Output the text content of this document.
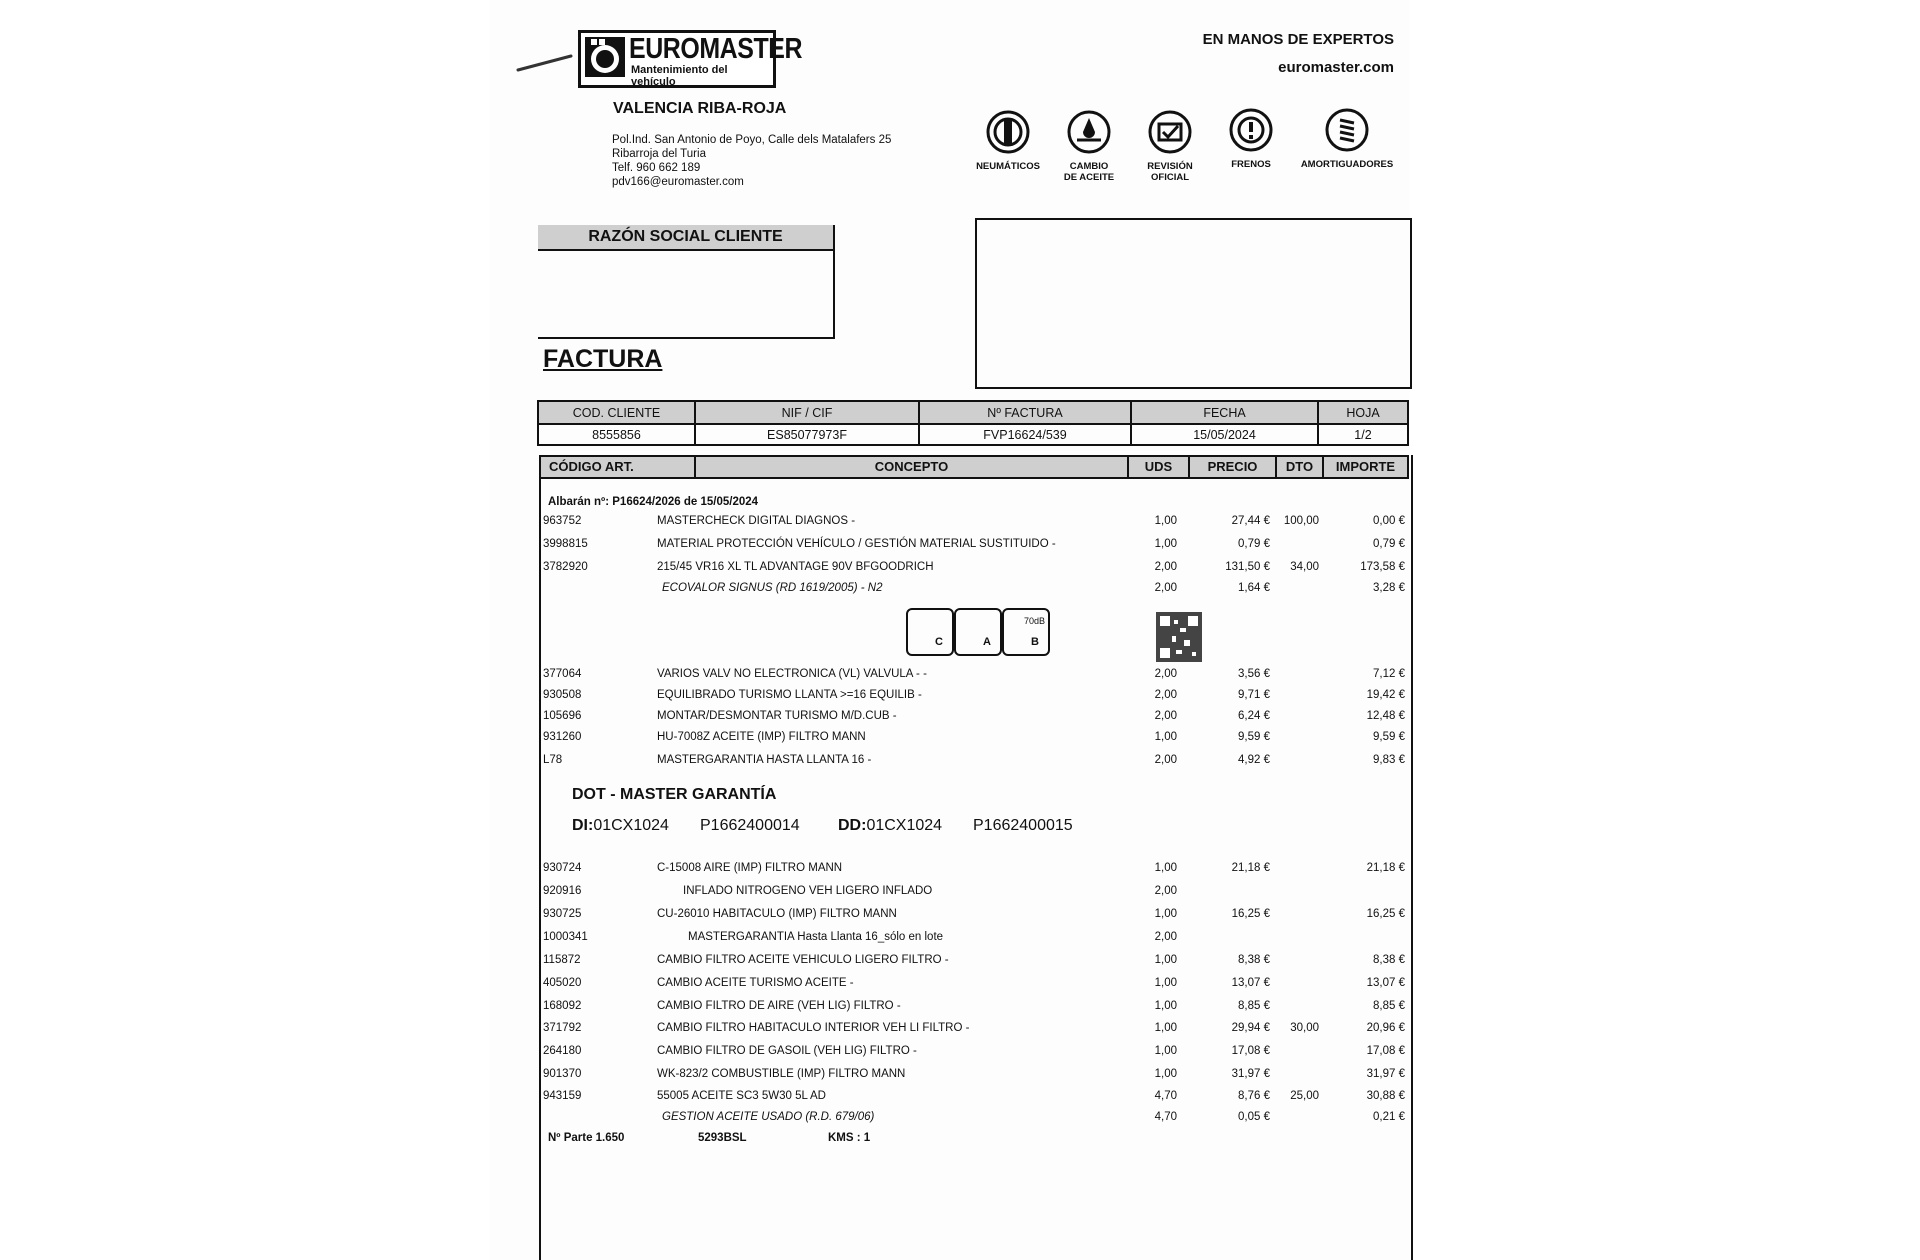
EUROMASTER
Mantenimiento del vehículo
EN MANOS DE EXPERTOS
euromaster.com
VALENCIA RIBA-ROJA
Pol.Ind. San Antonio de Poyo, Calle dels Matalafers 25
Ribarroja del Turia
Telf. 960 662 189
pdv166@euromaster.com
NEUMÁTICOS	CAMBIO
DE ACEITE
REVISIÓN
OFICIAL
FRENOS	AMORTIGUADORES
RAZÓN SOCIAL CLIENTE
FACTURA
COD. CLIENTE	NIF / CIF	Nº FACTURA	FECHA	HOJA
8555856	ES85077973F	FVP16624/539	15/05/2024	1/2
CÓDIGO ART.	CONCEPTO	UDS	PRECIO	DTO	IMPORTE
Albarán nº: P16624/2026 de 15/05/2024
963752	MASTERCHECK DIGITAL DIAGNOS -	1,00	27,44 €	100,00	0,00 €
3998815	MATERIAL PROTECCIÓN VEHÍCULO / GESTIÓN MATERIAL SUSTITUIDO -	1,00	0,79 €	0,79 €
3782920	215/45 VR16 XL TL ADVANTAGE 90V BFGOODRICH	2,00	131,50 €	34,00	173,58 €
ECOVALOR SIGNUS (RD 1619/2005) - N2	2,00	1,64 €	3,28 €
C	A
70dB
B
377064	VARIOS VALV NO ELECTRONICA (VL) VALVULA - -	2,00	3,56 €	7,12 €
930508	EQUILIBRADO TURISMO LLANTA >=16 EQUILIB -	2,00	9,71 €	19,42 €
105696	MONTAR/DESMONTAR TURISMO M/D.CUB -	2,00	6,24 €	12,48 €
931260	HU-7008Z ACEITE (IMP) FILTRO MANN	1,00	9,59 €	9,59 €
L78	MASTERGARANTIA HASTA LLANTA 16 -	2,00	4,92 €	9,83 €
DOT - MASTER GARANTÍA
DI:01CX1024 P1662400014 DD:01CX1024 P1662400015
930724	C-15008 AIRE (IMP) FILTRO MANN	1,00	21,18 €	21,18 €
920916	INFLADO NITROGENO VEH LIGERO INFLADO	2,00
930725	CU-26010 HABITACULO (IMP) FILTRO MANN	1,00	16,25 €	16,25 €
1000341	MASTERGARANTIA Hasta Llanta 16_sólo en lote	2,00
115872	CAMBIO FILTRO ACEITE VEHICULO LIGERO FILTRO -	1,00	8,38 €	8,38 €
405020	CAMBIO ACEITE TURISMO ACEITE -	1,00	13,07 €	13,07 €
168092	CAMBIO FILTRO DE AIRE (VEH LIG) FILTRO -	1,00	8,85 €	8,85 €
371792	CAMBIO FILTRO HABITACULO INTERIOR VEH LI FILTRO -	1,00	29,94 €	30,00	20,96 €
264180	CAMBIO FILTRO DE GASOIL (VEH LIG) FILTRO -	1,00	17,08 €	17,08 €
901370	WK-823/2 COMBUSTIBLE (IMP) FILTRO MANN	1,00	31,97 €	31,97 €
943159	55005 ACEITE SC3 5W30 5L AD	4,70	8,76 €	25,00	30,88 €
GESTION ACEITE USADO (R.D. 679/06)	4,70	0,05 €	0,21 €
Nº Parte 1.650	5293BSL	KMS : 1
